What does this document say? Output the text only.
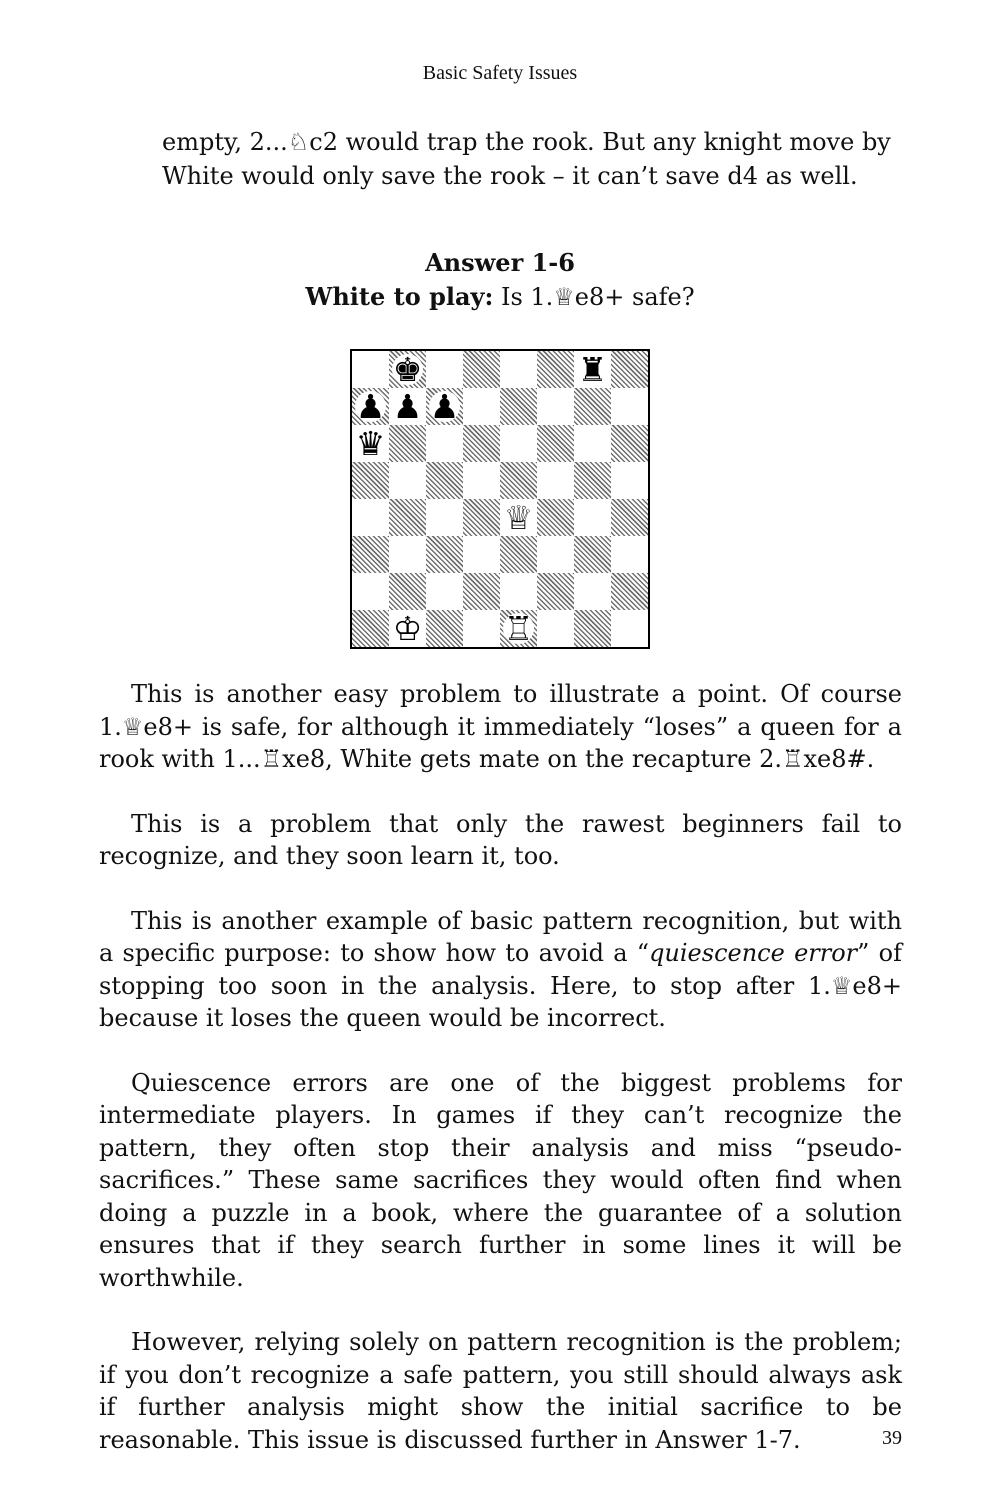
Basic Safety Issues
empty, 2...♘c2 would trap the rook. But any knight move by
White would only save the rook – it can’t save d4 as well.
Answer 1-6
White to play: Is 1.♕e8+ safe?
♚	♜
♟ ♟ ♟
♛
♕
♔ ♖

This is another easy problem to illustrate a point. Of course 1.♕e8+ is safe, for although it immediately “loses” a queen for a rook with 1...♖xe8, White gets mate on the recapture 2.♖xe8#.

This is a problem that only the rawest beginners fail to recognize, and they soon learn it, too.

This is another example of basic pattern recognition, but with a specific purpose: to show how to avoid a “quiescence error” of stopping too soon in the analysis. Here, to stop after 1.♕e8+ because it loses the queen would be incorrect.

Quiescence errors are one of the biggest problems for intermediate players. In games if they can’t recognize the pattern, they often stop their analysis and miss “pseudo-sacrifices.” These same sacrifices they would often find when doing a puzzle in a book, where the guarantee of a solution ensures that if they search further in some lines it will be worthwhile.

However, relying solely on pattern recognition is the problem; if you don’t recognize a safe pattern, you still should always ask if further analysis might show the initial sacrifice to be reasonable. This issue is discussed further in Answer 1-7.	39
